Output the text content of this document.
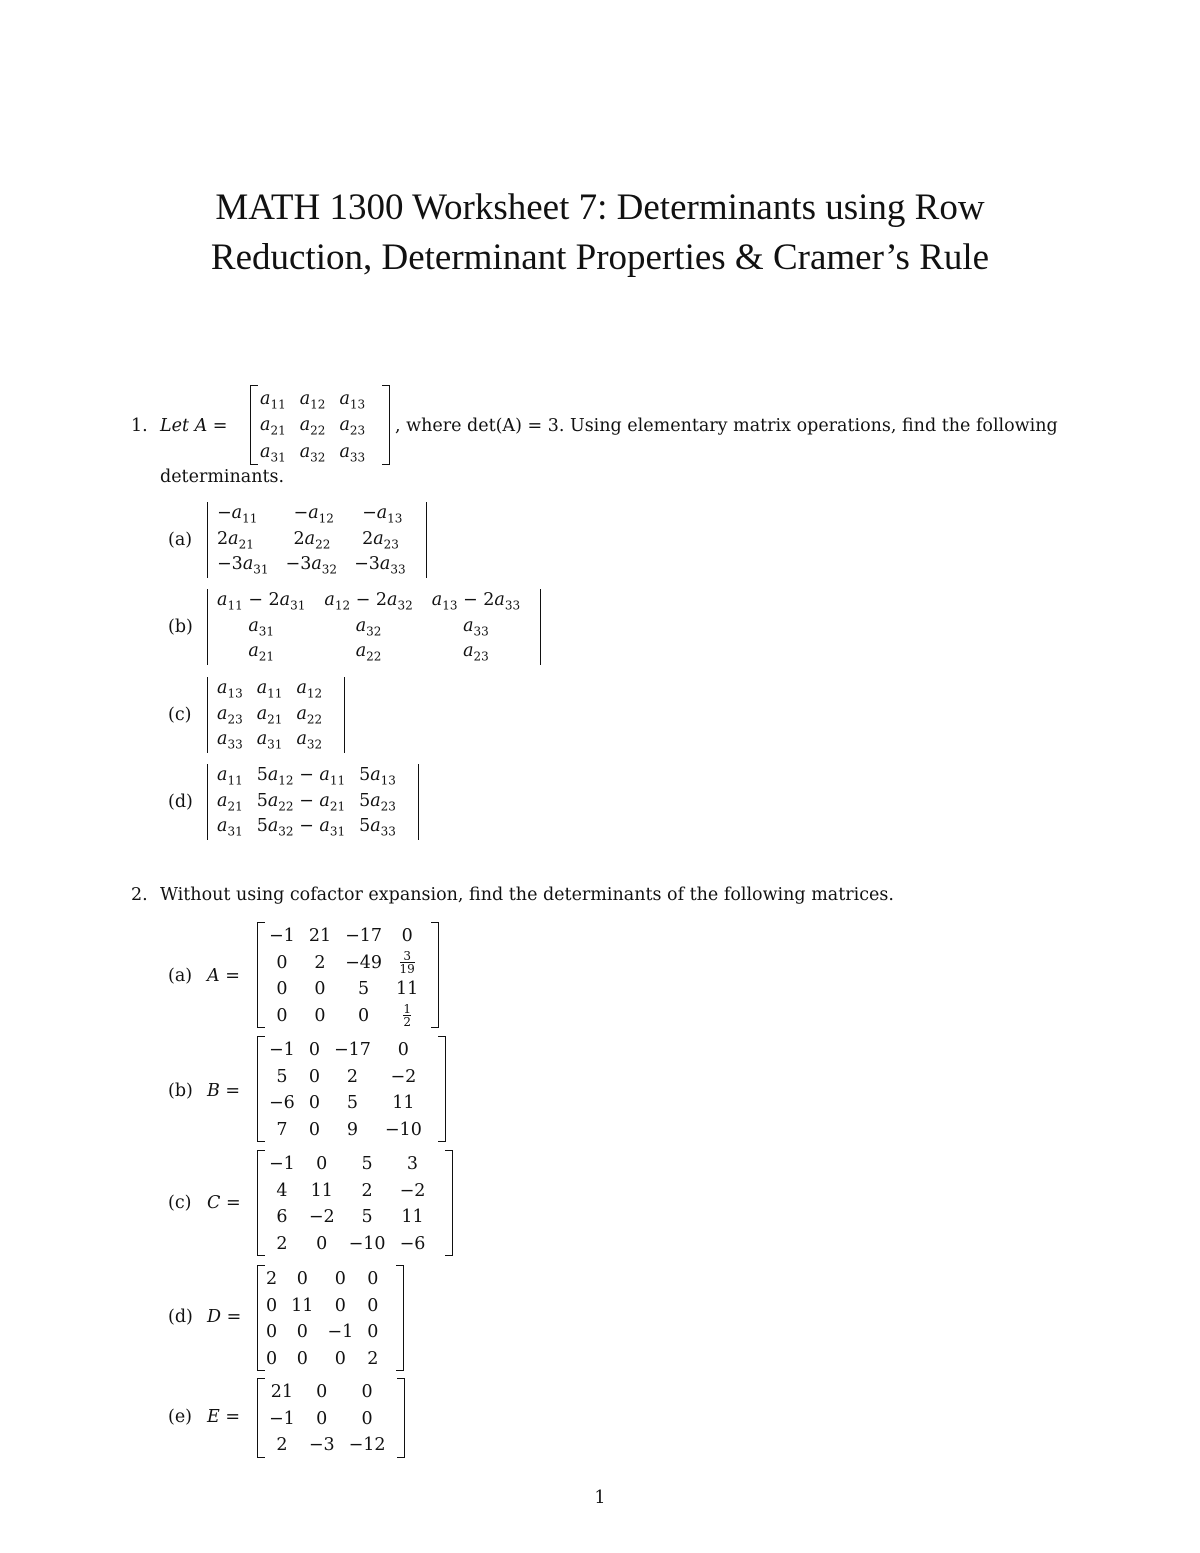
MATH 1300 Worksheet 7: Determinants using Row
Reduction, Determinant Properties & Cramer’s Rule
1. Let A =
$a_{11}$	$a_{12}$	$a_{13}$
$a_{21}$	$a_{22}$	$a_{23}$
$a_{31}$	$a_{32}$	$a_{33}$
, where det(A) = 3. Using elementary matrix operations, find the following
determinants.
(a)
$-a_{11}$	$-a_{12}$	$-a_{13}$
$2a_{21}$	$2a_{22}$	$2a_{23}$
$-3a_{31}$	$-3a_{32}$	$-3a_{33}$
(b)
$a_{11} - 2a_{31}$	$a_{12} - 2a_{32}$	$a_{13} - 2a_{33}$
$a_{31}$	$a_{32}$	$a_{33}$
$a_{21}$	$a_{22}$	$a_{23}$
(c)
$a_{13}$	$a_{11}$	$a_{12}$
$a_{23}$	$a_{21}$	$a_{22}$
$a_{33}$	$a_{31}$	$a_{32}$
(d)
$a_{11}$	$5a_{12} - a_{11}$	$5a_{13}$
$a_{21}$	$5a_{22} - a_{21}$	$5a_{23}$
$a_{31}$	$5a_{32} - a_{31}$	$5a_{33}$
2. Without using cofactor expansion, find the determinants of the following matrices.
(a) A =
−1	21	−17	0
0	2	−49	$\frac{3}{19}$

0	0	5	11
0	0	0	$\frac{1}{2}$
(b) B =
−1	0	−17	0
5	0	2	−2
−6	0	5	11
7	0	9	−10
(c) C =
−1	0	5	3
4	11	2	−2
6	−2	5	11
2	0	−10	−6
(d) D =
2	0	0	0
0	11	0	0
0	0	−1	0
0	0	0	2
(e) E =
21	0	0
−1	0	0
2	−3	−12
1
